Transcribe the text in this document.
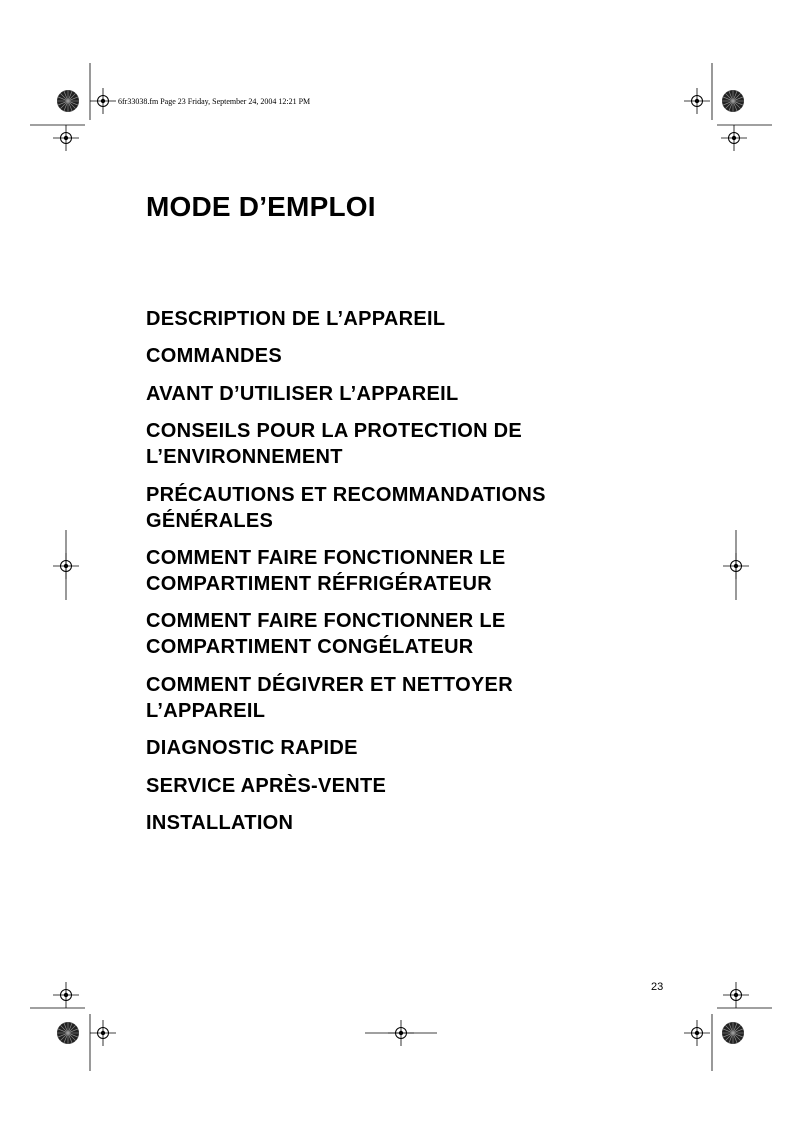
6fr33038.fm Page 23 Friday, September 24, 2004 12:21 PM
MODE D’EMPLOI
DESCRIPTION DE L’APPAREIL
COMMANDES
AVANT D’UTILISER L’APPAREIL
CONSEILS POUR LA PROTECTION DE
L’ENVIRONNEMENT
PRÉCAUTIONS ET RECOMMANDATIONS
GÉNÉRALES
COMMENT FAIRE FONCTIONNER LE
COMPARTIMENT RÉFRIGÉRATEUR
COMMENT FAIRE FONCTIONNER LE
COMPARTIMENT CONGÉLATEUR
COMMENT DÉGIVRER ET NETTOYER
L’APPAREIL
DIAGNOSTIC RAPIDE
SERVICE APRÈS-VENTE
INSTALLATION
23
